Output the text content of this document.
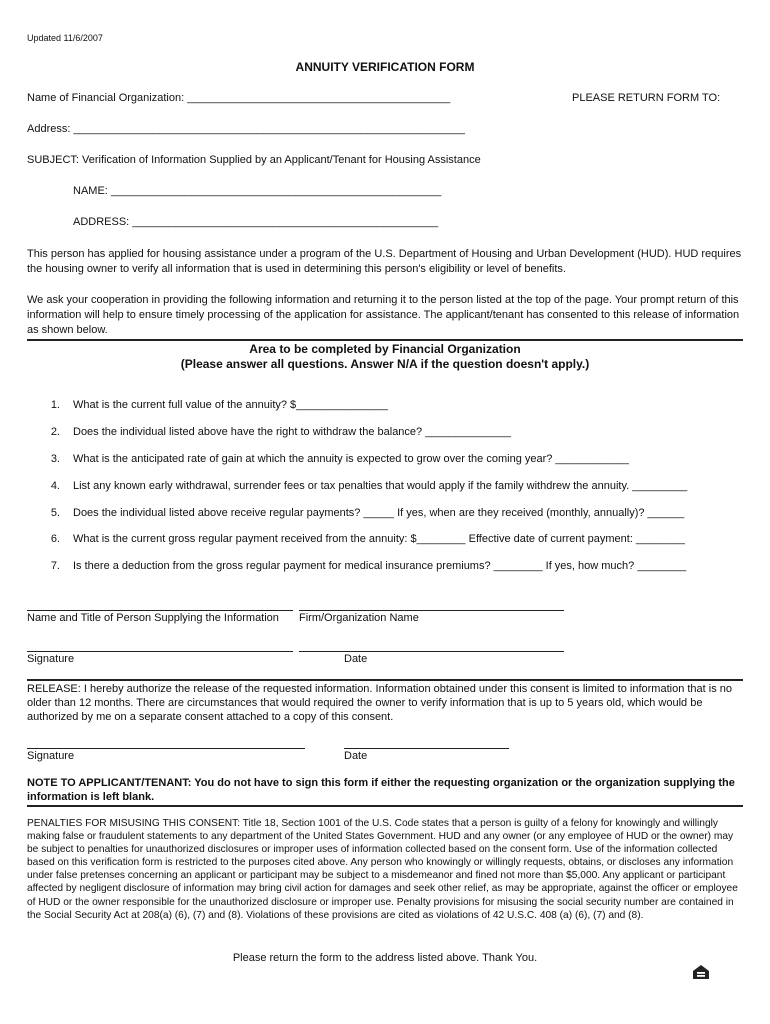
Updated 11/6/2007
ANNUITY VERIFICATION FORM
Name of Financial Organization: ___________________________________________	PLEASE RETURN FORM TO:
Address: ________________________________________________________________
SUBJECT: Verification of Information Supplied by an Applicant/Tenant for Housing Assistance
NAME: ______________________________________________________
ADDRESS: __________________________________________________
This person has applied for housing assistance under a program of the U.S. Department of Housing and Urban Development (HUD). HUD requires the housing owner to verify all information that is used in determining this person's eligibility or level of benefits.
We ask your cooperation in providing the following information and returning it to the person listed at the top of the page. Your prompt return of this information will help to ensure timely processing of the application for assistance. The applicant/tenant has consented to this release of information as shown below.
Area to be completed by Financial Organization
(Please answer all questions. Answer N/A if the question doesn't apply.)
1. What is the current full value of the annuity? $_______________
2. Does the individual listed above have the right to withdraw the balance? ______________
3. What is the anticipated rate of gain at which the annuity is expected to grow over the coming year? ____________
4. List any known early withdrawal, surrender fees or tax penalties that would apply if the family withdrew the annuity. _________
5. Does the individual listed above receive regular payments? _____ If yes, when are they received (monthly, annually)? ______
6. What is the current gross regular payment received from the annuity: $________ Effective date of current payment: ________
7. Is there a deduction from the gross regular payment for medical insurance premiums? ________ If yes, how much? ________
Name and Title of Person Supplying the Information Firm/Organization Name
Signature	Date
RELEASE: I hereby authorize the release of the requested information. Information obtained under this consent is limited to information that is no older than 12 months. There are circumstances that would required the owner to verify information that is up to 5 years old, which would be authorized by me on a separate consent attached to a copy of this consent.
Signature	Date
NOTE TO APPLICANT/TENANT: You do not have to sign this form if either the requesting organization or the organization supplying the information is left blank.
PENALTIES FOR MISUSING THIS CONSENT: Title 18, Section 1001 of the U.S. Code states that a person is guilty of a felony for knowingly and willingly making false or fraudulent statements to any department of the United States Government. HUD and any owner (or any employee of HUD or the owner) may be subject to penalties for unauthorized disclosures or improper uses of information collected based on the consent form. Use of the information collected based on this verification form is restricted to the purposes cited above. Any person who knowingly or willingly requests, obtains, or discloses any information under false pretenses concerning an applicant or participant may be subject to a misdemeanor and fined not more than $5,000. Any applicant or participant affected by negligent disclosure of information may bring civil action for damages and seek other relief, as may be appropriate, against the officer or employee of HUD or the owner responsible for the unauthorized disclosure or improper use. Penalty provisions for misusing the social security number are contained in the Social Security Act at 208(a) (6), (7) and (8). Violations of these provisions are cited as violations of 42 U.S.C. 408 (a) (6), (7) and (8).
Please return the form to the address listed above. Thank You.
